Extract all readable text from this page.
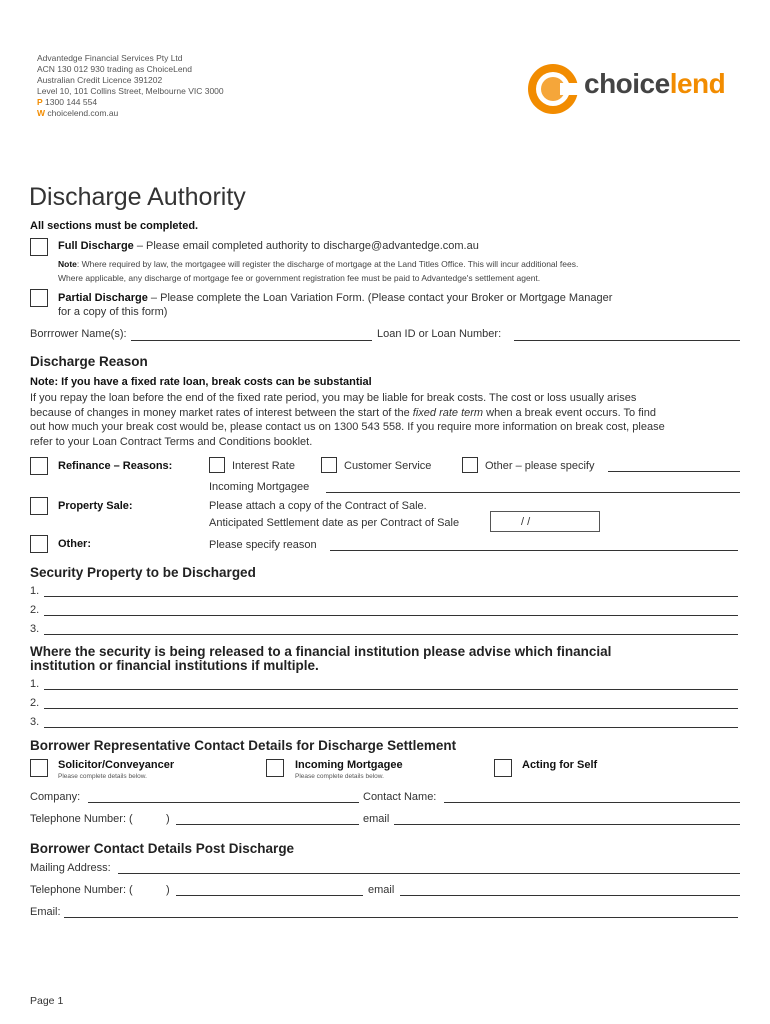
Advantedge Financial Services Pty Ltd
ACN 130 012 930 trading as ChoiceLend
Australian Credit Licence 391202
Level 10, 101 Collins Street, Melbourne VIC 3000
P 1300 144 554
W choicelend.com.au
choicelend
Discharge Authority
All sections must be completed.
Full Discharge – Please email completed authority to discharge@advantedge.com.au
Note: Where required by law, the mortgagee will register the discharge of mortgage at the Land Titles Office. This will incur additional fees.
Where applicable, any discharge of mortgage fee or government registration fee must be paid to Advantedge's settlement agent.
Partial Discharge – Please complete the Loan Variation Form. (Please contact your Broker or Mortgage Manager
for a copy of this form)
Borrrower Name(s):	Loan ID or Loan Number:
Discharge Reason
Note: If you have a fixed rate loan, break costs can be substantial
If you repay the loan before the end of the fixed rate period, you may be liable for break costs. The cost or loss usually arises
because of changes in money market rates of interest between the start of the fixed rate term when a break event occurs. To find
out how much your break cost would be, please contact us on 1300 543 558. If you require more information on break cost, please
refer to your Loan Contract Terms and Conditions booklet.
Refinance – Reasons:	Interest Rate	Customer Service	Other – please specify
Incoming Mortgagee
Property Sale:	Please attach a copy of the Contract of Sale.
Anticipated Settlement date as per Contract of Sale	/ /
Other:	Please specify reason
Security Property to be Discharged
1.
2.
3.
Where the security is being released to a financial institution please advise which financial
institution or financial institutions if multiple.
1.
2.
3.
Borrower Representative Contact Details for Discharge Settlement
Solicitor/Conveyancer
Please complete details below.
Incoming Mortgagee
Please complete details below.
Acting for Self
Company:	Contact Name:
Telephone Number: (	)	email
Borrower Contact Details Post Discharge
Mailing Address:
Telephone Number: (	)	email
Email:
Page 1
